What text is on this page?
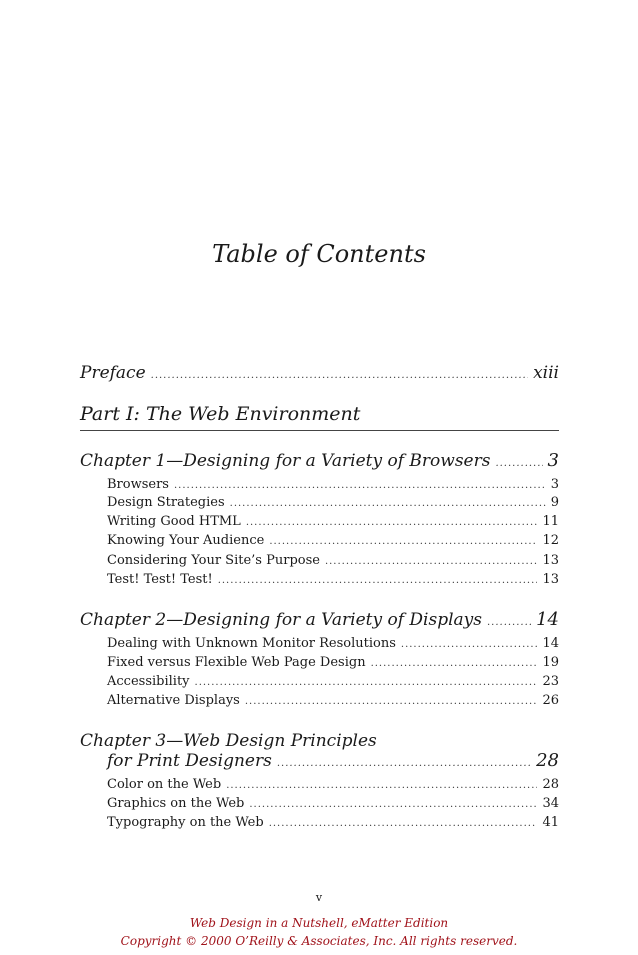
Table of Contents
Preface .....	xiii
Part I: The Web Environment
Chapter 1—Designing for a Variety of Browsers .....	3
Browsers .....	3
Design Strategies .....	9
Writing Good HTML .....	11
Knowing Your Audience .....	12
Considering Your Site’s Purpose .....	13
Test! Test! Test! .....	13
Chapter 2—Designing for a Variety of Displays .....	14
Dealing with Unknown Monitor Resolutions .....	14
Fixed versus Flexible Web Page Design .....	19
Accessibility .....	23
Alternative Displays .....	26
Chapter 3—Web Design Principles
for Print Designers .....	28
Color on the Web .....	28
Graphics on the Web .....	34
Typography on the Web .....	41
v
Web Design in a Nutshell, eMatter Edition
Copyright © 2000 O’Reilly & Associates, Inc. All rights reserved.
